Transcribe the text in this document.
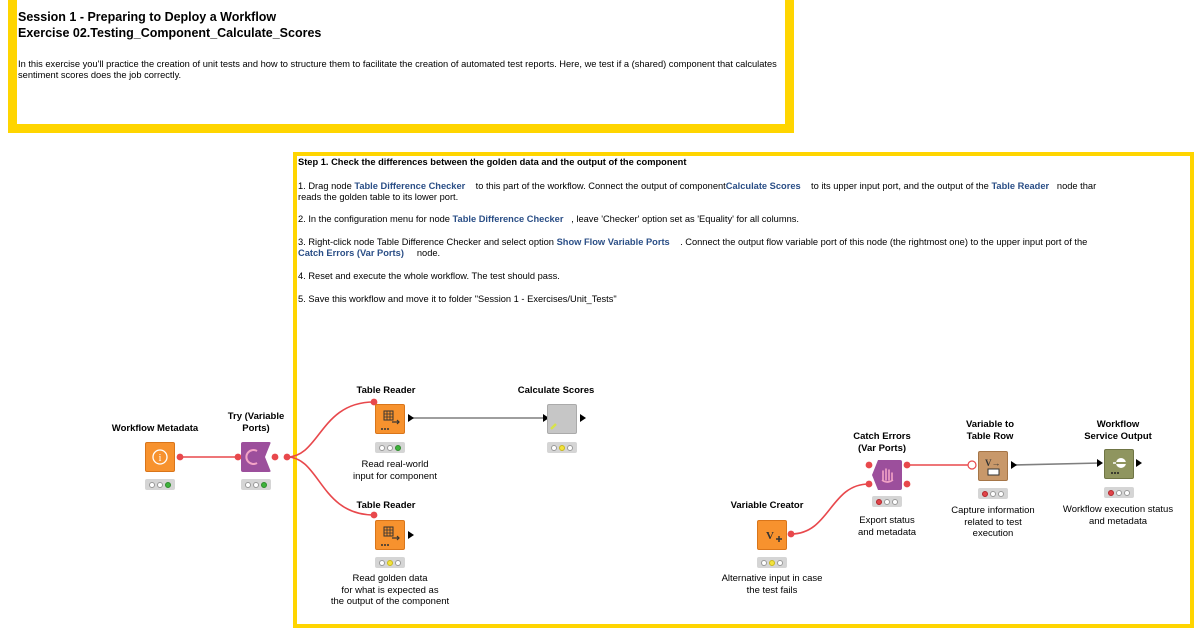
Session 1 - Preparing to Deploy a Workflow
Exercise 02.Testing_Component_Calculate_Scores
In this exercise you'll practice the creation of unit tests and how to structure them to facilitate the creation of automated test reports. Here, we test if a (shared) component that calculates sentiment scores does the job correctly.
Step 1. Check the differences between the golden data and the output of the component
1. Drag node Table Difference Checker    to this part of the workflow. Connect the output of componentCalculate Scores    to its upper input port, and the output of the Table Reader   node thar
reads the golden table to its lower port.
2. In the configuration menu for node Table Difference Checker   , leave 'Checker' option set as 'Equality' for all columns.
3. Right-click node Table Difference Checker and select option Show Flow Variable Ports    . Connect the output flow variable port of this node (the rightmost one) to the upper input port of the
Catch Errors (Var Ports)     node.
4. Reset and execute the whole workflow. The test should pass.
5. Save this workflow and move it to folder "Session 1 - Exercises/Unit_Tests"
Workflow Metadata
i
Try (Variable
Ports)
Table Reader
Read real-world
input for component
Calculate Scores
Table Reader
Read golden data
for what is expected as
the output of the component
Catch Errors
(Var Ports)
Export status
and metadata
Variable Creator
V
Alternative input in case
the test fails
Variable to
Table Row
V→
Capture information
related to test
execution
Workflow
Service Output
Workflow execution status
and metadata
